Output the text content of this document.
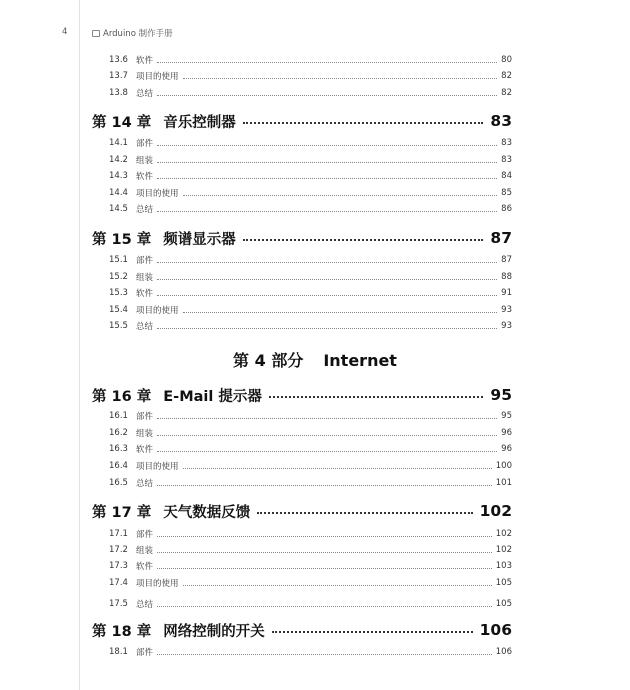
4	Arduino 制作手册
13.6 软件	80
13.7 项目的使用	82
13.8 总结	82
第 14 章 音乐控制器	83
14.1 部件	83
14.2 组装	83
14.3 软件	84
14.4 项目的使用	85
14.5 总结	86
第 15 章 频谱显示器	87
15.1 部件	87
15.2 组装	88
15.3 软件	91
15.4 项目的使用	93
15.5 总结	93
第 16 章 E-Mail 提示器	95
16.1 部件	95
16.2 组装	96
16.3 软件	96
16.4 项目的使用	100
16.5 总结	101
第 17 章 天气数据反馈	102
17.1 部件	102
17.2 组装	102
17.3 软件	103
17.4 项目的使用	105
17.5 总结	105
第 18 章 网络控制的开关	106
18.1 部件	106
第 4 部分 Internet
